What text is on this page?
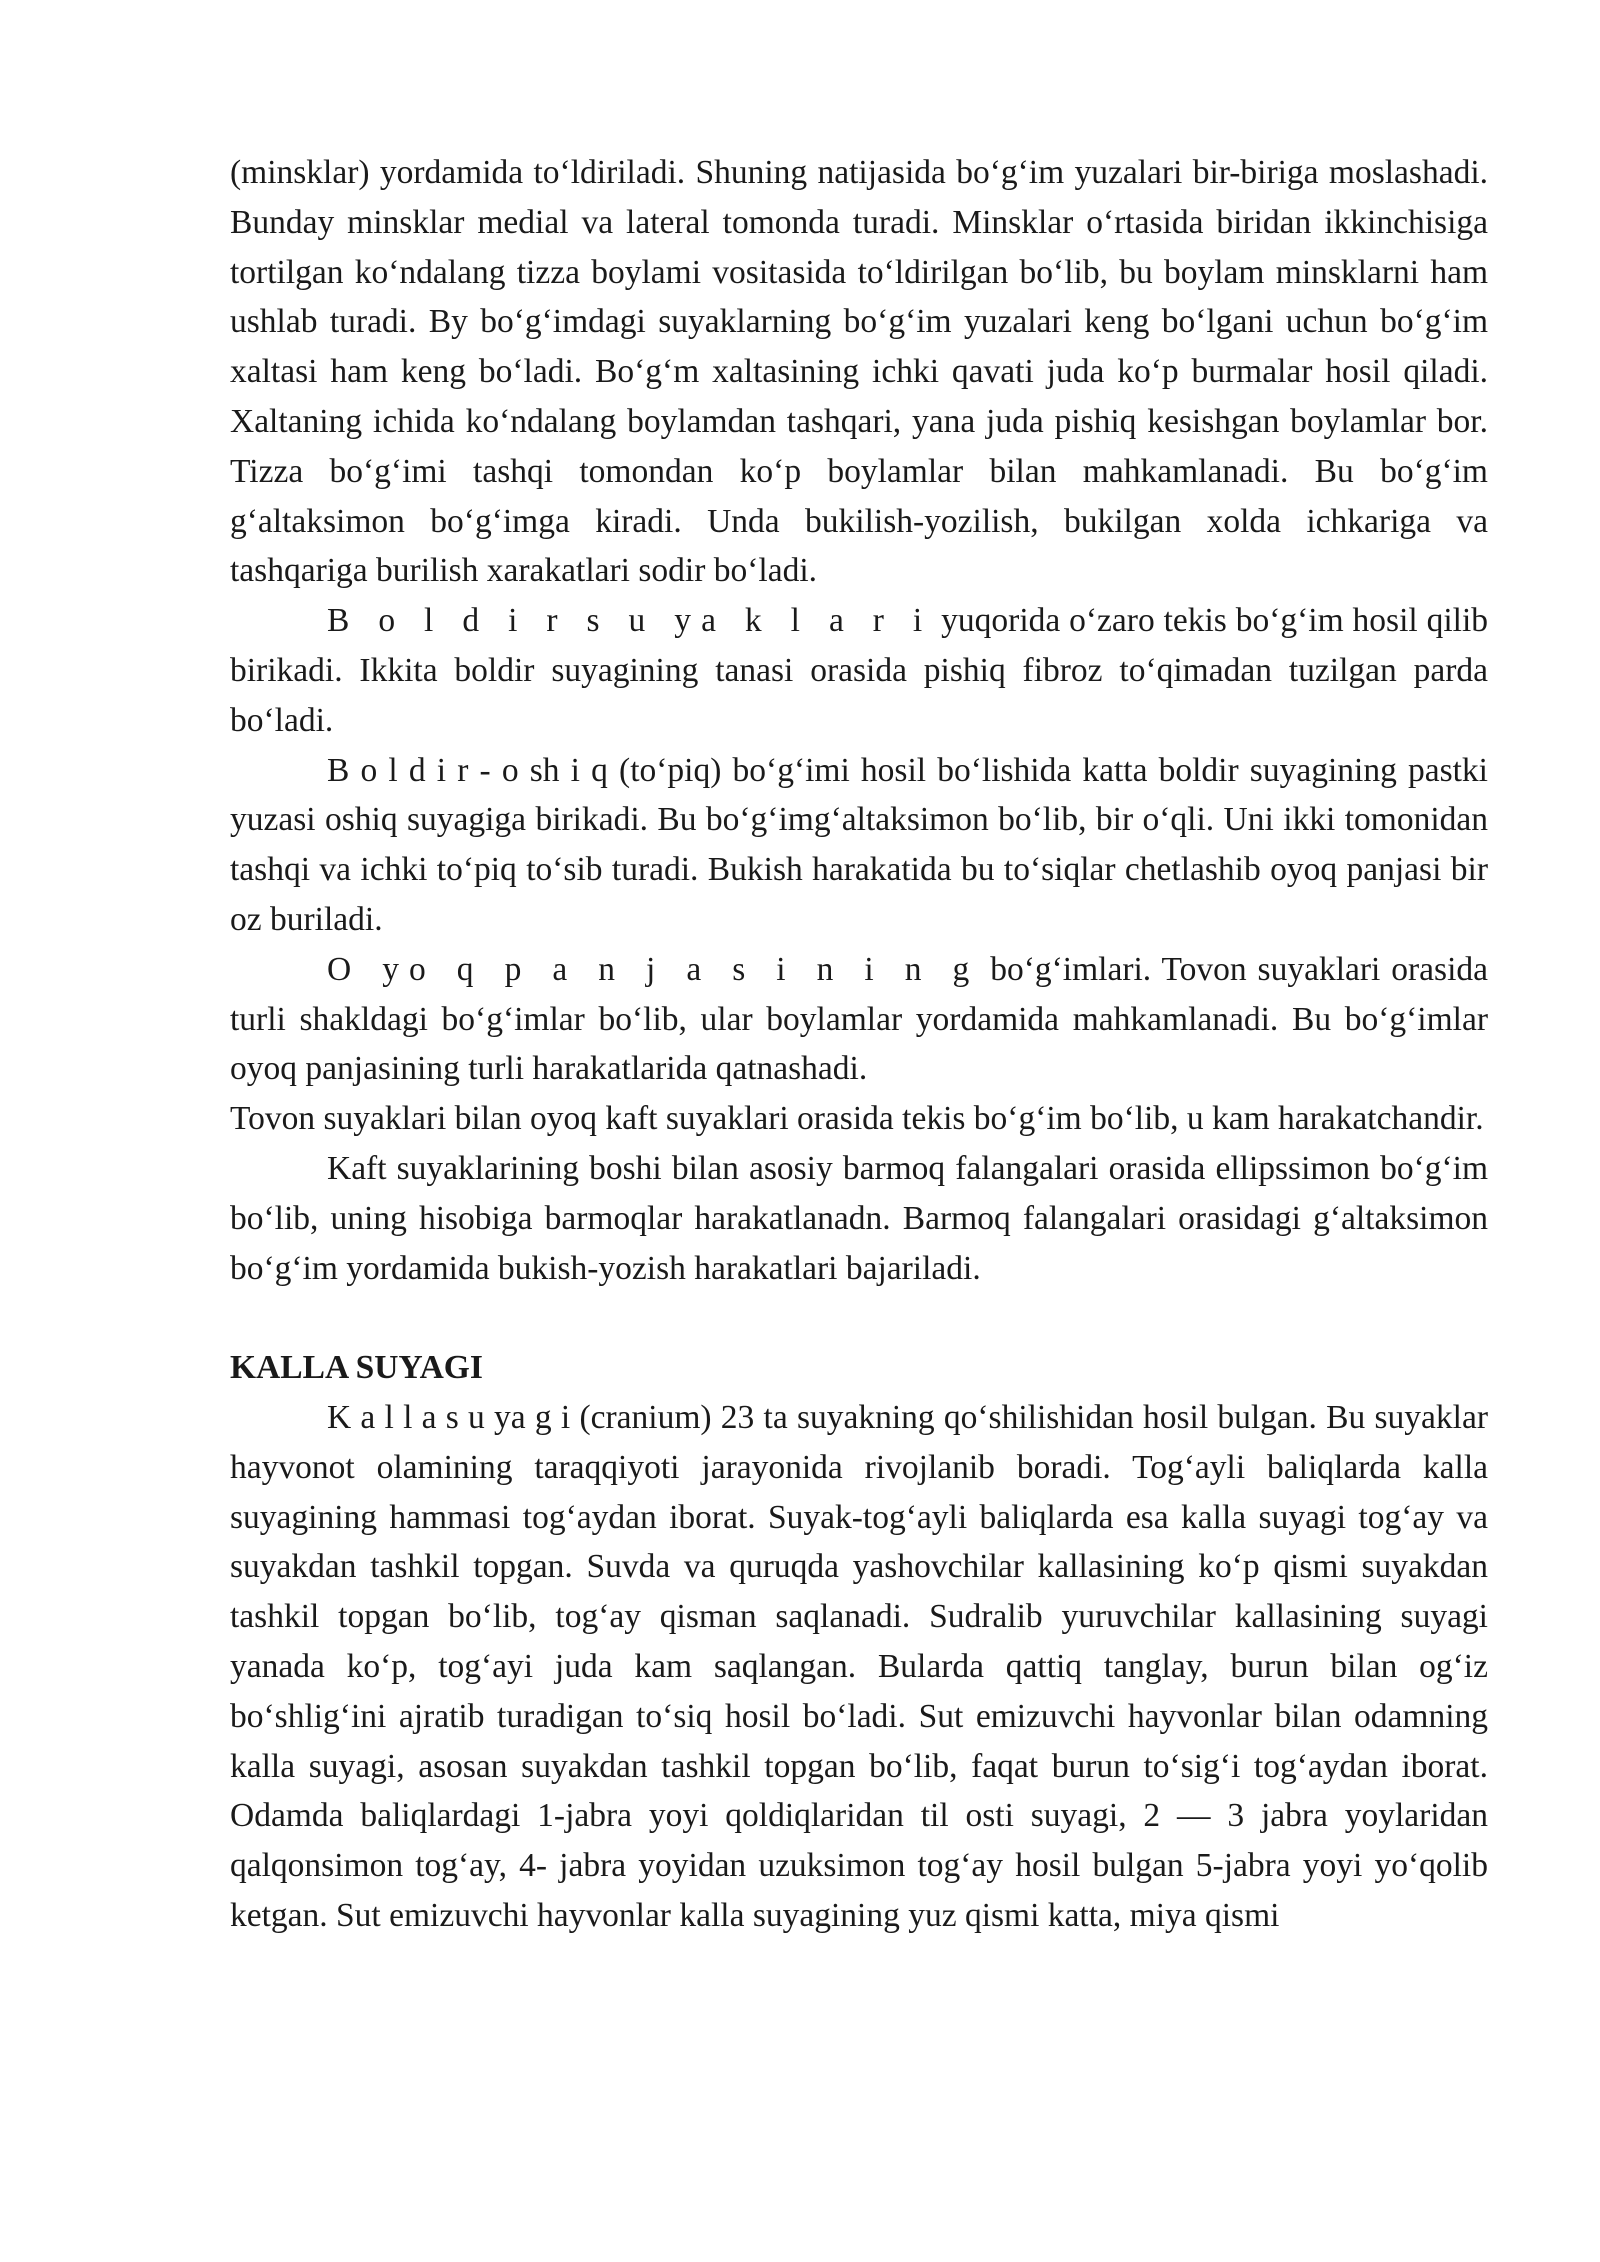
(minsklar) yordamida to‘ldiriladi. Shuning natijasida bo‘g‘im yuzalari bir-biriga moslashadi. Bunday minsklar medial va lateral tomonda turadi. Minsklar o‘rtasida biridan ikkinchisiga tortilgan ko‘ndalang tizza boylami vositasida to‘ldirilgan bo‘lib, bu boylam minsklarni ham ushlab turadi. By bo‘g‘imdagi suyaklarning bo‘g‘im yuzalari keng bo‘lgani uchun bo‘g‘im xaltasi ham keng bo‘ladi. Bo‘g‘m xaltasining ichki qavati juda ko‘p burmalar hosil qiladi. Xaltaning ichida ko‘ndalang boylamdan tashqari, yana juda pishiq kesishgan boylamlar bor. Tizza bo‘g‘imi tashqi tomondan ko‘p boylamlar bilan mahkamlanadi. Bu bo‘g‘im g‘altaksimon bo‘g‘imga kiradi. Unda bukilish-yozilish, bukilgan xolda ichkariga va tashqariga burilish xarakatlari sodir bo‘ladi.

B o l d i r s u ya k l a r i yuqorida o‘zaro tekis bo‘g‘im hosil qilib birikadi. Ikkita boldir suyagining tanasi orasida pishiq fibroz to‘qimadan tuzilgan parda bo‘ladi.

B o l d i r - o sh i q (to‘piq) bo‘g‘imi hosil bo‘lishida katta boldir suyagining pastki yuzasi oshiq suyagiga birikadi. Bu bo‘g‘img‘altaksimon bo‘lib, bir o‘qli. Uni ikki tomonidan tashqi va ichki to‘piq to‘sib turadi. Bukish harakatida bu to‘siqlar chetlashib oyoq panjasi bir oz buriladi.

O yo q p a n j a s i n i n g bo‘g‘imlari. Tovon suyaklari orasida turli shakldagi bo‘g‘imlar bo‘lib, ular boylamlar yordamida mahkamlanadi. Bu bo‘g‘imlar oyoq panjasining turli harakatlarida qatnashadi.

Tovon suyaklari bilan oyoq kaft suyaklari orasida tekis bo‘g‘im bo‘lib, u kam harakatchandir.

Kaft suyaklarining boshi bilan asosiy barmoq falangalari orasida ellipssimon bo‘g‘im bo‘lib, uning hisobiga barmoqlar harakatlanadn. Barmoq falangalari orasidagi g‘altaksimon bo‘g‘im yordamida bukish-yozish harakatlari bajariladi.

KALLA SUYAGI

K a l l a s u ya g i (cranium) 23 ta suyakning qo‘shilishidan hosil bulgan. Bu suyaklar hayvonot olamining taraqqiyoti jarayonida rivojlanib boradi. Tog‘ayli baliqlarda kalla suyagining hammasi tog‘aydan iborat. Suyak-tog‘ayli baliqlarda esa kalla suyagi tog‘ay va suyakdan tashkil topgan. Suvda va quruqda yashovchilar kallasining ko‘p qismi suyakdan tashkil topgan bo‘lib, tog‘ay qisman saqlanadi. Sudralib yuruvchilar kallasining suyagi yanada ko‘p, tog‘ayi juda kam saqlangan. Bularda qattiq tanglay, burun bilan og‘iz bo‘shlig‘ini ajratib turadigan to‘siq hosil bo‘ladi. Sut emizuvchi hayvonlar bilan odamning kalla suyagi, asosan suyakdan tashkil topgan bo‘lib, faqat burun to‘sig‘i tog‘aydan iborat. Odamda baliqlardagi 1-jabra yoyi qoldiqlaridan til osti suyagi, 2 — 3 jabra yoylaridan qalqonsimon tog‘ay, 4- jabra yoyidan uzuksimon tog‘ay hosil bulgan 5-jabra yoyi yo‘qolib ketgan. Sut emizuvchi hayvonlar kalla suyagining yuz qismi katta, miya qismi
